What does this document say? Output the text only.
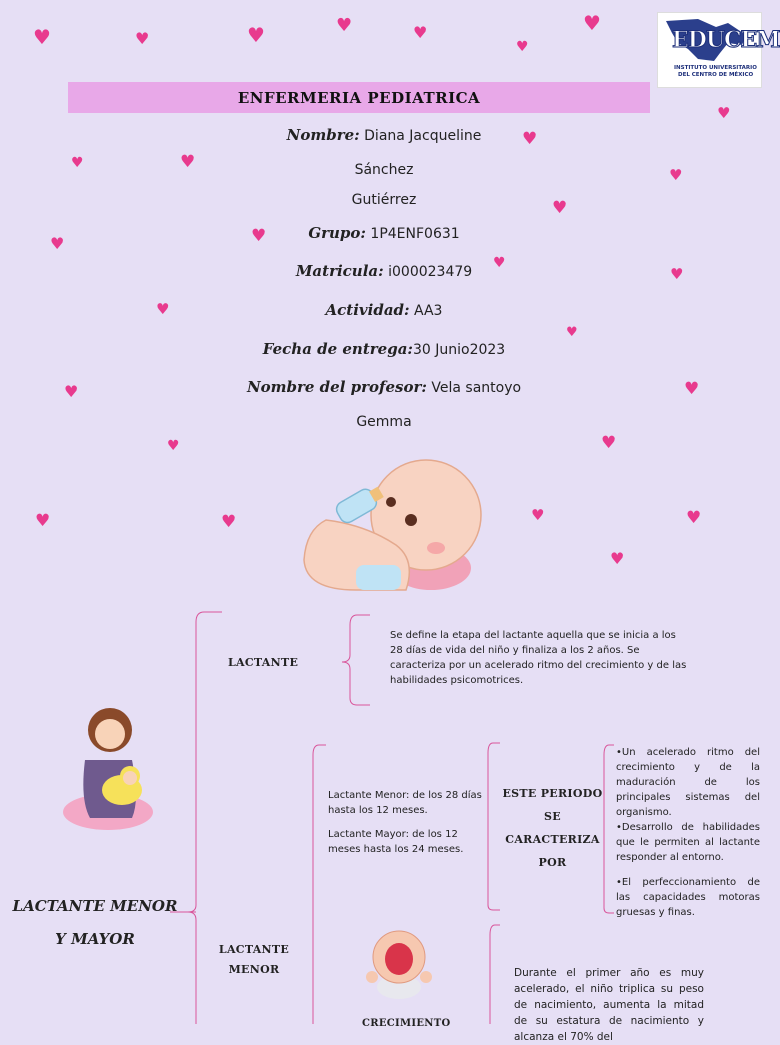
♥	♥	♥	♥	♥
♥
♥
♥
♥
♥	♥
♥
♥
♥
♥
♥
♥
♥
♥
♥	♥
♥
♥
♥	♥	♥	♥
♥
EDUCEM
INSTITUTO UNIVERSITARIO
DEL CENTRO DE MÉXICO
ENFERMERIA PEDIATRICA
Nombre: Diana Jacqueline
Sánchez
Gutiérrez
Grupo: 1P4ENF0631
Matricula: i000023479
Actividad: AA3
Fecha de entrega:30 Junio2023
Nombre del profesor: Vela santoyo
Gemma
LACTANTE
Se define la etapa del lactante aquella que se inicia a los 28 días de vida del niño y finaliza a los 2 años. Se caracteriza por un acelerado ritmo del crecimiento y de las habilidades psicomotrices.
LACTANTE MENOR
Y MAYOR
LACTANTE
MENOR
Lactante Menor: de los 28 días hasta los 12 meses.
Lactante Mayor: de los 12 meses hasta los 24 meses.
ESTE PERIODO SE
CARACTERIZA
POR
•Un acelerado ritmo del crecimiento y de la maduración de los principales sistemas del organismo.
•Desarrollo de habilidades que le permiten al lactante responder al entorno.
•El perfeccionamiento de las capacidades motoras gruesas y finas.
Durante el primer año es muy acelerado, el niño triplica su peso de nacimiento, aumenta la mitad de su estatura de nacimiento y alcanza el 70% del
CRECIMIENTO
